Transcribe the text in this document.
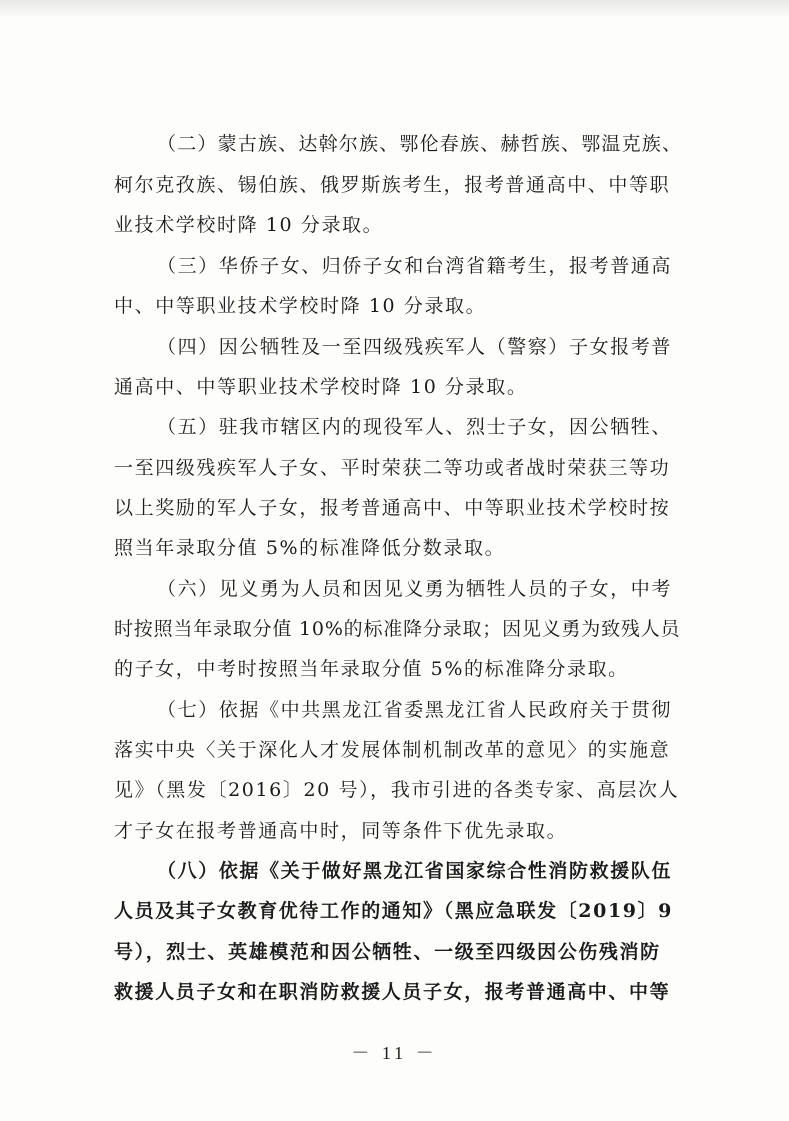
（二）蒙古族、达斡尔族、鄂伦春族、赫哲族、鄂温克族、
柯尔克孜族、锡伯族、俄罗斯族考生，报考普通高中、中等职
业技术学校时降 10 分录取。
（三）华侨子女、归侨子女和台湾省籍考生，报考普通高
中、中等职业技术学校时降 10 分录取。
（四）因公牺牲及一至四级残疾军人（警察）子女报考普
通高中、中等职业技术学校时降 10 分录取。
（五）驻我市辖区内的现役军人、烈士子女，因公牺牲、
一至四级残疾军人子女、平时荣获二等功或者战时荣获三等功
以上奖励的军人子女，报考普通高中、中等职业技术学校时按
照当年录取分值 5%的标准降低分数录取。
（六）见义勇为人员和因见义勇为牺牲人员的子女，中考
时按照当年录取分值 10%的标准降分录取；因见义勇为致残人员
的子女，中考时按照当年录取分值 5%的标准降分录取。
（七）依据《中共黑龙江省委黑龙江省人民政府关于贯彻
落实中央〈关于深化人才发展体制机制改革的意见〉的实施意
见》（黑发〔2016〕20 号），我市引进的各类专家、高层次人
才子女在报考普通高中时，同等条件下优先录取。
（八）依据《关于做好黑龙江省国家综合性消防救援队伍
人员及其子女教育优待工作的通知》（黑应急联发〔2019〕9
号），烈士、英雄模范和因公牺牲、一级至四级因公伤残消防
救援人员子女和在职消防救援人员子女，报考普通高中、中等
－ 11 －
